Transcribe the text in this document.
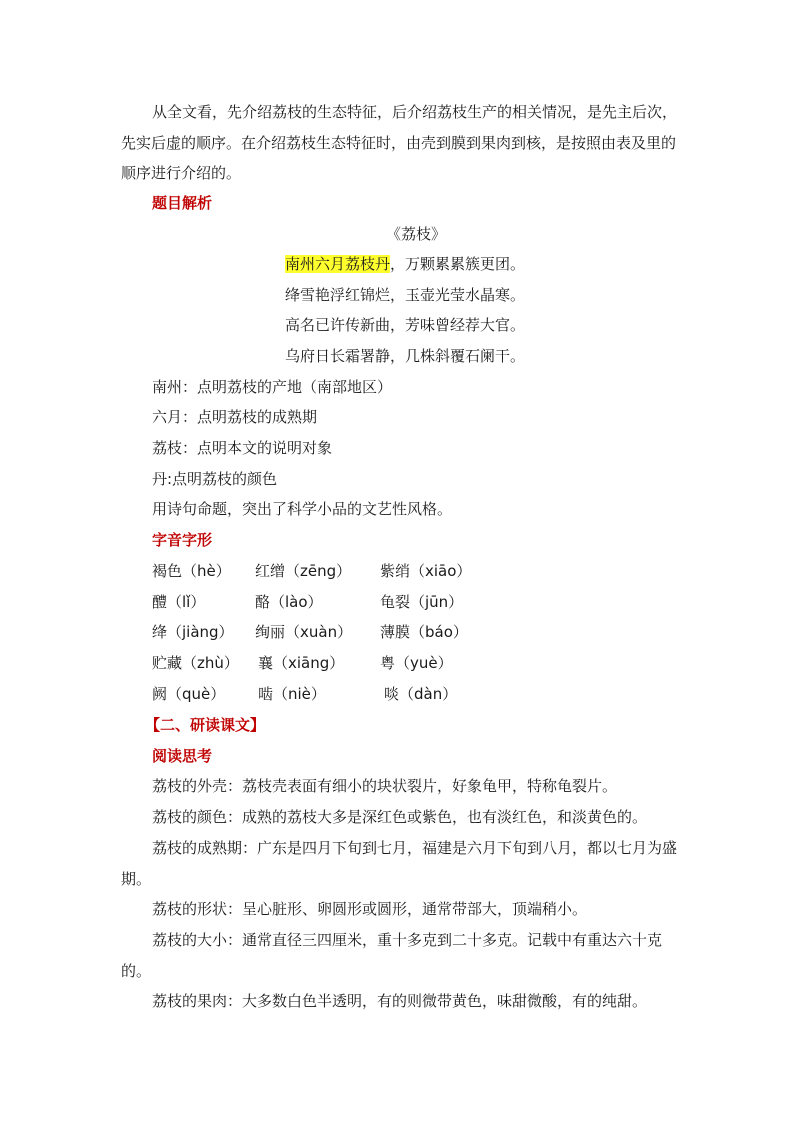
从全文看，先介绍荔枝的生态特征，后介绍荔枝生产的相关情况，是先主后次，先实后虚的顺序。在介绍荔枝生态特征时，由壳到膜到果肉到核，是按照由表及里的顺序进行介绍的。

题目解析

《荔枝》

南州六月荔枝丹，万颗累累簇更团。

绛雪艳浮红锦烂，玉壶光莹水晶寒。

高名已许传新曲，芳味曾经荐大官。

乌府日长霜署静，几株斜覆石阑干。

南州：点明荔枝的产地（南部地区）

六月：点明荔枝的成熟期

荔枝：点明本文的说明对象

丹:点明荔枝的颜色

用诗句命题，突出了科学小品的文艺性风格。

字音字形

褐色（hè） 红缯（zēng） 紫绡（xiāo）
醴（lǐ）	酪（lào）	龟裂（jūn）
绛（jiàng） 绚丽（xuàn） 薄膜（báo）
贮藏（zhù） 襄（xiāng） 粤（yuè）
阙（què） 啮（niè）	啖（dàn）

【二、研读课文】

阅读思考

荔枝的外壳：荔枝壳表面有细小的块状裂片，好象龟甲，特称龟裂片。

荔枝的颜色：成熟的荔枝大多是深红色或紫色，也有淡红色，和淡黄色的。

荔枝的成熟期：广东是四月下旬到七月，福建是六月下旬到八月，都以七月为盛期。

荔枝的形状：呈心脏形、卵圆形或圆形，通常带部大，顶端稍小。

荔枝的大小：通常直径三四厘米，重十多克到二十多克。记载中有重达六十克的。

荔枝的果肉：大多数白色半透明，有的则微带黄色，味甜微酸，有的纯甜。
